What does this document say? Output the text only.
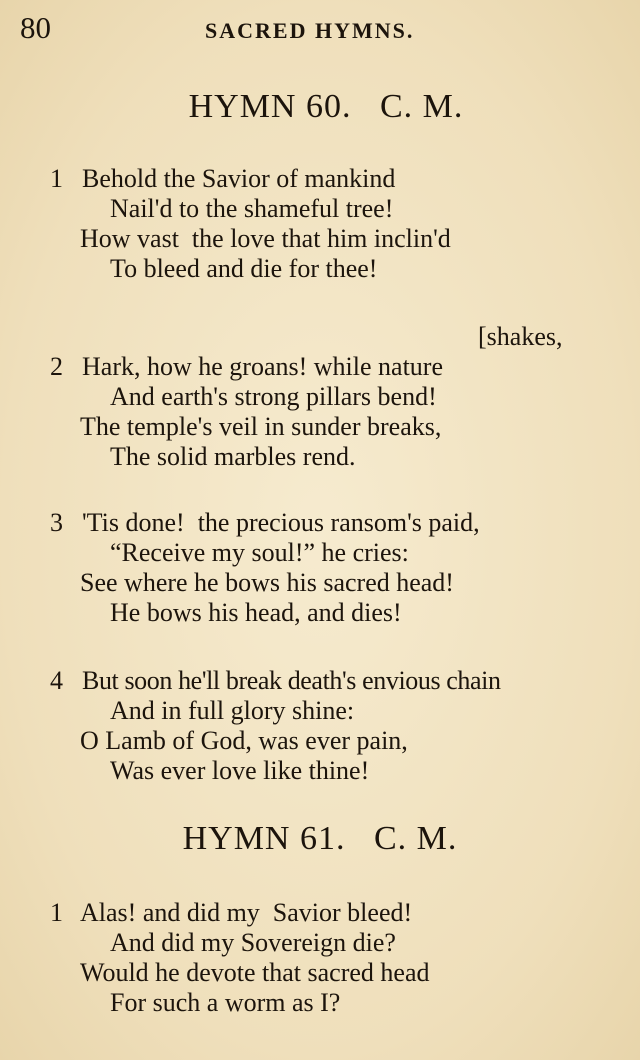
80	SACRED HYMNS.
HYMN 60.   C. M.
1 Behold the Savior of mankind
Nail'd to the shameful tree!
How vast  the love that him inclin'd
To bleed and die for thee!
[shakes,
2 Hark, how he groans! while nature
And earth's strong pillars bend!
The temple's veil in sunder breaks,
The solid marbles rend.
3 'Tis done!  the precious ransom's paid,
“Receive my soul!” he cries:
See where he bows his sacred head!
He bows his head, and dies!
4 But soon he'll break death's envious chain
And in full glory shine:
O Lamb of God, was ever pain,
Was ever love like thine!
HYMN 61.   C. M.
1 Alas! and did my  Savior bleed!
And did my Sovereign die?
Would he devote that sacred head
For such a worm as I?
